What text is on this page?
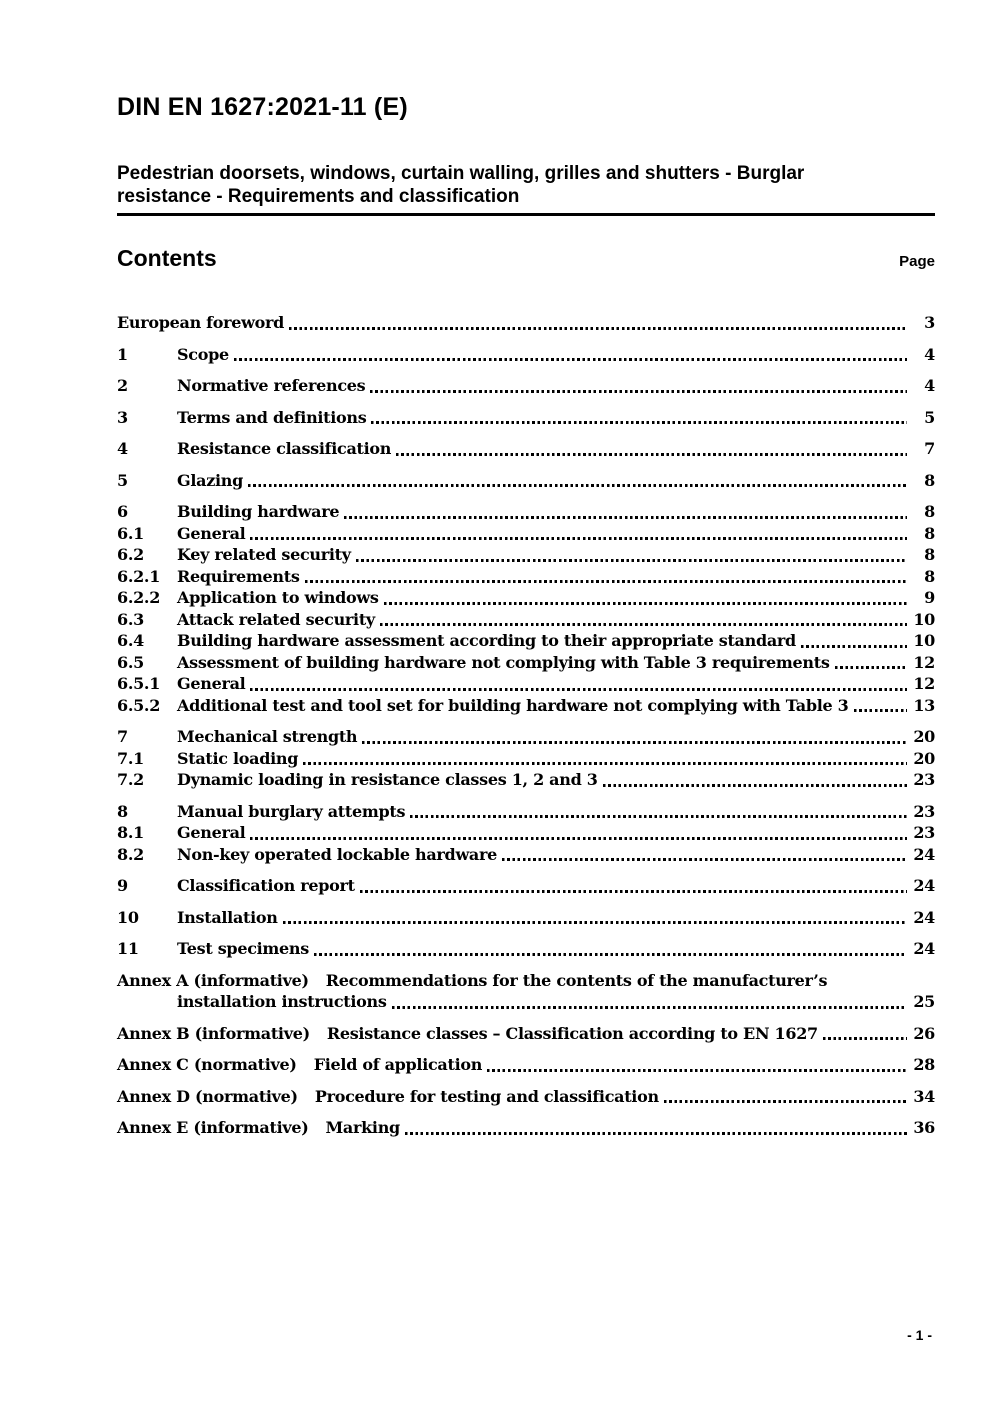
DIN EN 1627:2021-11 (E)
Pedestrian doorsets, windows, curtain walling, grilles and shutters - Burglar
resistance - Requirements and classification
Contents	Page
European foreword	3
1	Scope	4
2	Normative references	4
3	Terms and definitions	5
4	Resistance classification	7
5	Glazing	8
6	Building hardware	8
6.1	General	8
6.2	Key related security	8
6.2.1	Requirements	8
6.2.2	Application to windows	9
6.3	Attack related security	10
6.4	Building hardware assessment according to their appropriate standard	10
6.5	Assessment of building hardware not complying with Table 3 requirements	12
6.5.1	General	12
6.5.2	Additional test and tool set for building hardware not complying with Table 3	13
7	Mechanical strength	20
7.1	Static loading	20
7.2	Dynamic loading in resistance classes 1, 2 and 3	23
8	Manual burglary attempts	23
8.1	General	23
8.2	Non-key operated lockable hardware	24
9	Classification report	24
10	Installation	24
11	Test specimens	24
Annex A (informative) Recommendations for the contents of the manufacturer’s
installation instructions	25
Annex B (informative) Resistance classes – Classification according to EN 1627	26
Annex C (normative) Field of application	28
Annex D (normative) Procedure for testing and classification	34
Annex E (informative) Marking	36
- 1 -
